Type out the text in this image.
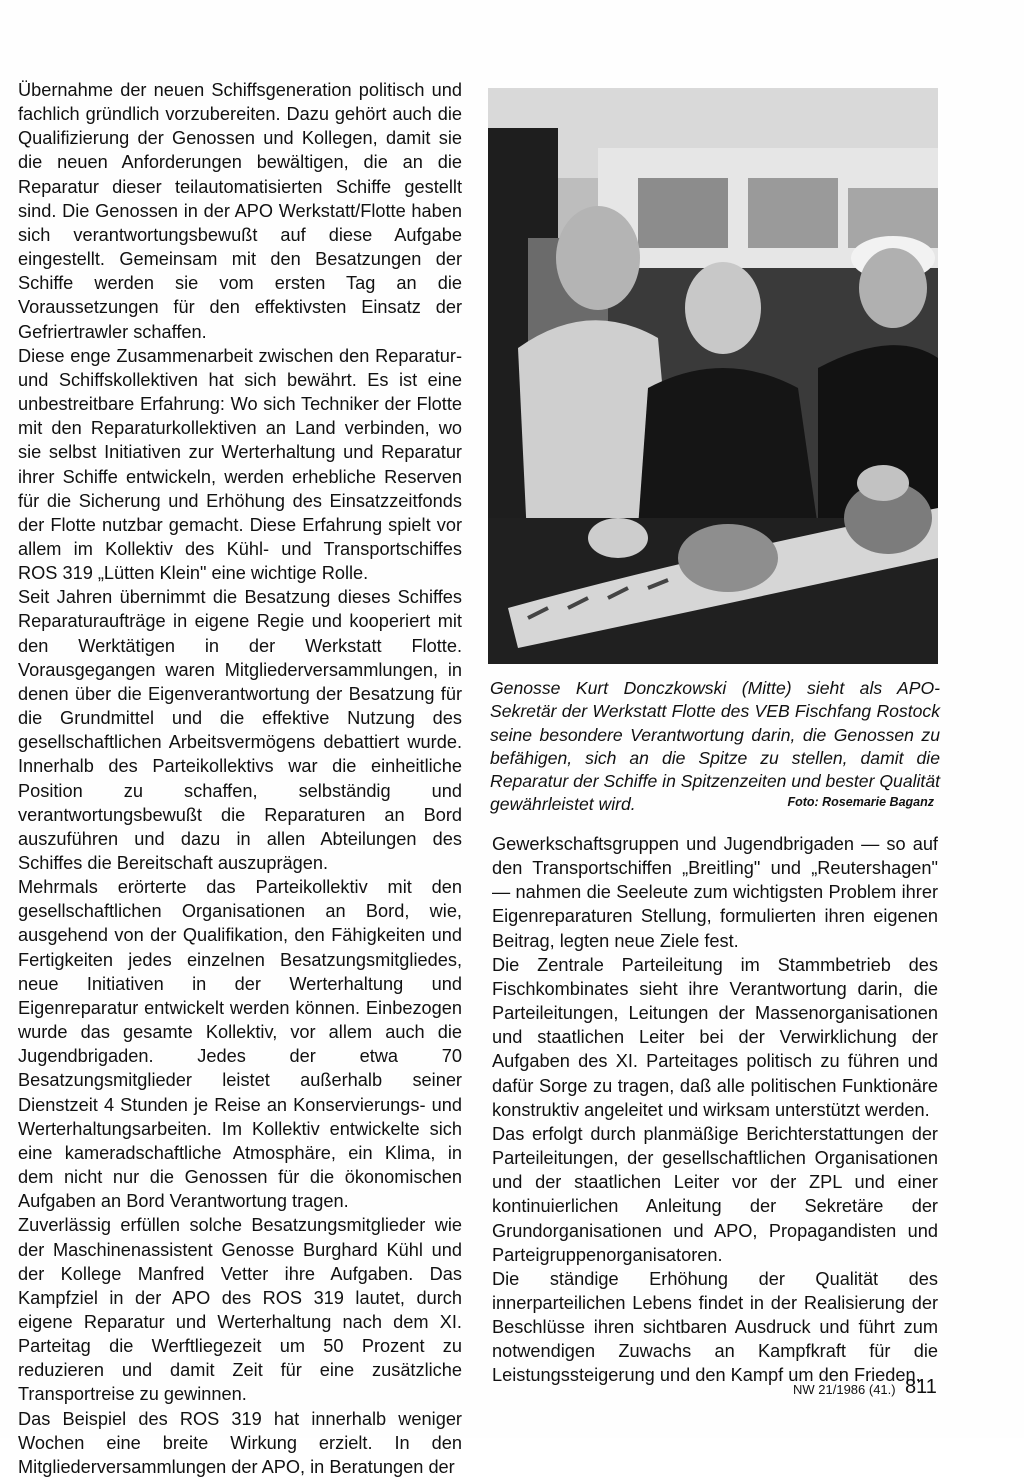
Übernahme der neuen Schiffsgeneration politisch und fachlich gründlich vorzubereiten. Dazu gehört auch die Qualifizierung der Genossen und Kollegen, damit sie die neuen Anforderungen bewältigen, die an die Reparatur dieser teilautomatisierten Schiffe gestellt sind. Die Genossen in der APO Werkstatt/Flotte haben sich verantwortungsbewußt auf diese Aufgabe eingestellt. Gemeinsam mit den Besatzungen der Schiffe werden sie vom ersten Tag an die Voraussetzungen für den effektivsten Einsatz der Gefriertrawler schaffen.

Diese enge Zusammenarbeit zwischen den Reparatur- und Schiffskollektiven hat sich bewährt. Es ist eine unbestreitbare Erfahrung: Wo sich Techniker der Flotte mit den Reparaturkollektiven an Land verbinden, wo sie selbst Initiativen zur Werterhaltung und Reparatur ihrer Schiffe entwickeln, werden erhebliche Reserven für die Sicherung und Erhöhung des Einsatzzeitfonds der Flotte nutzbar gemacht. Diese Erfahrung spielt vor allem im Kollektiv des Kühl- und Transportschiffes ROS 319 „Lütten Klein" eine wichtige Rolle.

Seit Jahren übernimmt die Besatzung dieses Schiffes Reparaturaufträge in eigene Regie und kooperiert mit den Werktätigen in der Werkstatt Flotte. Vorausgegangen waren Mitgliederversammlungen, in denen über die Eigenverantwortung der Besatzung für die Grundmittel und die effektive Nutzung des gesellschaftlichen Arbeitsvermögens debattiert wurde. Innerhalb des Parteikollektivs war die einheitliche Position zu schaffen, selbständig und verantwortungsbewußt die Reparaturen an Bord auszuführen und dazu in allen Abteilungen des Schiffes die Bereitschaft auszuprägen.

Mehrmals erörterte das Parteikollektiv mit den gesellschaftlichen Organisationen an Bord, wie, ausgehend von der Qualifikation, den Fähigkeiten und Fertigkeiten jedes einzelnen Besatzungsmitgliedes, neue Initiativen in der Werterhaltung und Eigenreparatur entwickelt werden können. Einbezogen wurde das gesamte Kollektiv, vor allem auch die Jugendbrigaden. Jedes der etwa 70 Besatzungsmitglieder leistet außerhalb seiner Dienstzeit 4 Stunden je Reise an Konservierungs- und Werterhaltungsarbeiten. Im Kollektiv entwickelte sich eine kameradschaftliche Atmosphäre, ein Klima, in dem nicht nur die Genossen für die ökonomischen Aufgaben an Bord Verantwortung tragen.

Zuverlässig erfüllen solche Besatzungsmitglieder wie der Maschinenassistent Genosse Burghard Kühl und der Kollege Manfred Vetter ihre Aufgaben. Das Kampfziel in der APO des ROS 319 lautet, durch eigene Reparatur und Werterhaltung nach dem XI. Parteitag die Werftliegezeit um 50 Prozent zu reduzieren und damit Zeit für eine zusätzliche Transportreise zu gewinnen.

Das Beispiel des ROS 319 hat innerhalb weniger Wochen eine breite Wirkung erzielt. In den Mitgliederversammlungen der APO, in Beratungen der

Genosse Kurt Donczkowski (Mitte) sieht als APO-Sekretär der Werkstatt Flotte des VEB Fischfang Rostock seine besondere Verantwortung darin, die Genossen zu befähigen, sich an die Spitze zu stellen, damit die Reparatur der Schiffe in Spitzenzeiten und bester Qualität gewährleistet wird.	Foto: Rosemarie Baganz

Gewerkschaftsgruppen und Jugendbrigaden — so auf den Transportschiffen „Breitling" und „Reutershagen" — nahmen die Seeleute zum wichtigsten Problem ihrer Eigenreparaturen Stellung, formulierten ihren eigenen Beitrag, legten neue Ziele fest.

Die Zentrale Parteileitung im Stammbetrieb des Fischkombinates sieht ihre Verantwortung darin, die Parteileitungen, Leitungen der Massenorganisationen und staatlichen Leiter bei der Verwirklichung der Aufgaben des XI. Parteitages politisch zu führen und dafür Sorge zu tragen, daß alle politischen Funktionäre konstruktiv angeleitet und wirksam unterstützt werden.

Das erfolgt durch planmäßige Berichterstattungen der Parteileitungen, der gesellschaftlichen Organisationen und der staatlichen Leiter vor der ZPL und einer kontinuierlichen Anleitung der Sekretäre der Grundorganisationen und APO, Propagandisten und Parteigruppenorganisatoren.

Die ständige Erhöhung der Qualität des innerparteilichen Lebens findet in der Realisierung der Beschlüsse ihren sichtbaren Ausdruck und führt zum notwendigen Zuwachs an Kampfkraft für die Leistungssteigerung und den Kampf um den Frieden.

NW 21/1986 (41.) 811
